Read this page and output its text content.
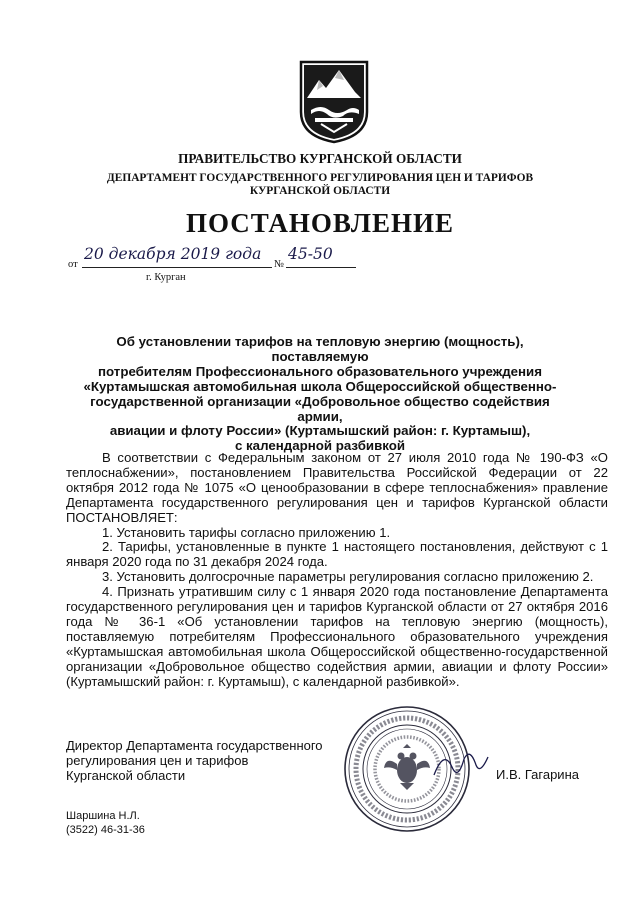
ПРАВИТЕЛЬСТВО КУРГАНСКОЙ ОБЛАСТИ
ДЕПАРТАМЕНТ ГОСУДАРСТВЕННОГО РЕГУЛИРОВАНИЯ ЦЕН И ТАРИФОВ
КУРГАНСКОЙ ОБЛАСТИ
ПОСТАНОВЛЕНИЕ
от
20 декабря 2019 года
№
45-50
г. Курган
Об установлении тарифов на тепловую энергию (мощность), поставляемую
потребителям Профессионального образовательного учреждения
«Куртамышская автомобильная школа Общероссийской общественно-
государственной организации «Добровольное общество содействия армии,
авиации и флоту России» (Куртамышский район: г. Куртамыш),
с календарной разбивкой

В соответствии с Федеральным законом от 27 июля 2010 года № 190-ФЗ «О теплоснабжении», постановлением Правительства Российской Федерации от 22 октября 2012 года № 1075 «О ценообразовании в сфере теплоснабжения» правление Департамента государственного регулирования цен и тарифов Курганской области ПОСТАНОВЛЯЕТ:

1. Установить тарифы согласно приложению 1.

2. Тарифы, установленные в пункте 1 настоящего постановления, действуют с 1 января 2020 года по 31 декабря 2024 года.

3. Установить долгосрочные параметры регулирования согласно приложению 2.

4. Признать утратившим силу с 1 января 2020 года постановление Департамента государственного регулирования цен и тарифов Курганской области от 27 октября 2016 года № 36-1 «Об установлении тарифов на тепловую энергию (мощность), поставляемую потребителям Профессионального образовательного учреждения «Куртамышская автомобильная школа Общероссийской общественно-государственной организации «Добровольное общество содействия армии, авиации и флоту России» (Куртамышский район: г. Куртамыш), с календарной разбивкой».

Директор Департамента государственного
регулирования цен и тарифов
Курганской области	И.В. Гагарина
Шаршина Н.Л.
(3522) 46-31-36
